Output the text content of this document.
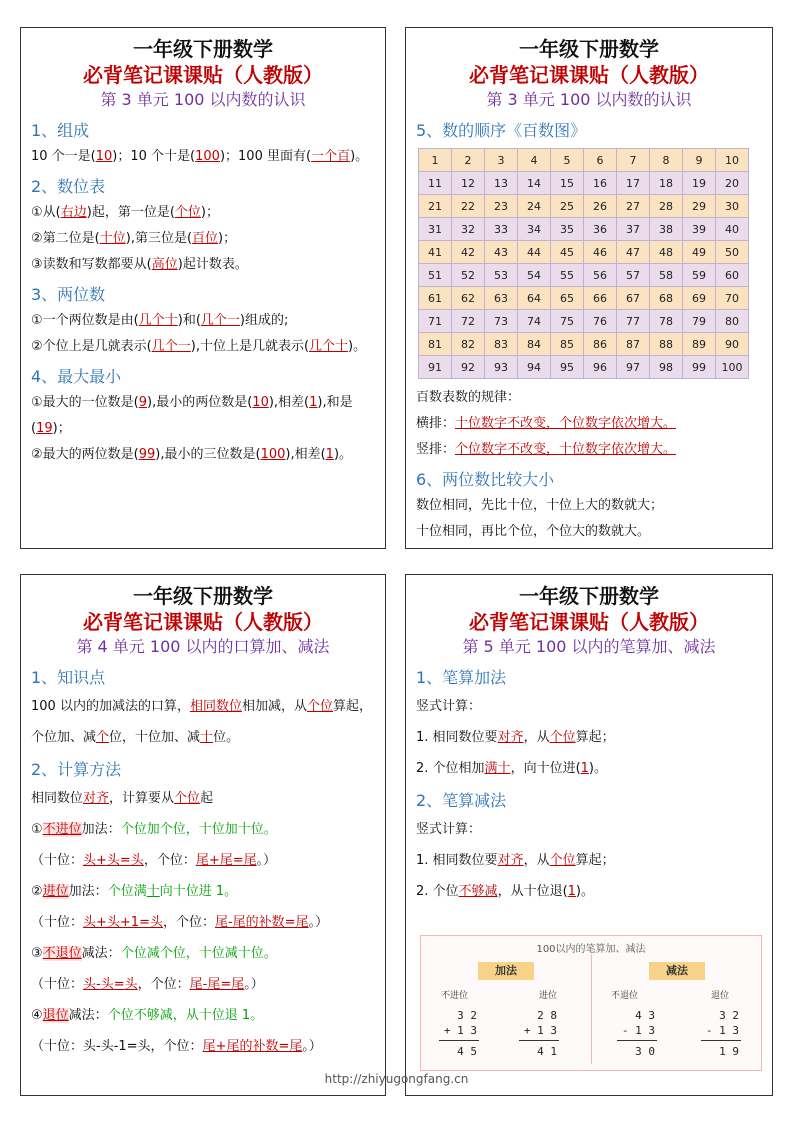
一年级下册数学
必背笔记课课贴（人教版）
第 3 单元 100 以内数的认识
1、组成
10 个一是(10)；10 个十是(100)；100 里面有(一个百)。
2、数位表
①从(右边)起，第一位是(个位)；
②第二位是(十位),第三位是(百位)；
③读数和写数都要从(高位)起计数表。
3、两位数
①一个两位数是由(几个十)和(几个一)组成的;
②个位上是几就表示(几个一),十位上是几就表示(几个十)。
4、最大最小
①最大的一位数是(9),最小的两位数是(10),相差(1),和是(19)；
②最大的两位数是(99),最小的三位数是(100),相差(1)。
一年级下册数学
必背笔记课课贴（人教版）
第 3 单元 100 以内数的认识
5、数的顺序《百数图》
1	2	3	4	5	6	7	8	9	10
11	12	13	14	15	16	17	18	19	20
21	22	23	24	25	26	27	28	29	30
31	32	33	34	35	36	37	38	39	40
41	42	43	44	45	46	47	48	49	50
51	52	53	54	55	56	57	58	59	60
61	62	63	64	65	66	67	68	69	70
71	72	73	74	75	76	77	78	79	80
81	82	83	84	85	86	87	88	89	90
91	92	93	94	95	96	97	98	99	100
百数表数的规律：
横排：十位数字不改变，个位数字依次增大。
竖排：个位数字不改变，十位数字依次增大。
6、两位数比较大小
数位相同，先比十位，十位上大的数就大；
十位相同，再比个位，个位大的数就大。
一年级下册数学
必背笔记课课贴（人教版）
第 4 单元 100 以内的口算加、减法
1、知识点
100 以内的加减法的口算，相同数位相加减，从个位算起，个位加、减个位，十位加、减十位。
2、计算方法
相同数位对齐，计算要从个位起
①不进位加法：个位加个位，十位加十位。
（十位：头+头=头，个位：尾+尾=尾。）
②进位加法：个位满十向十位进 1。
（十位：头+头+1=头，个位：尾-尾的补数=尾。）
③不退位减法：个位减个位，十位减十位。
（十位：头-头=头，个位：尾-尾=尾。）
④退位减法：个位不够减，从十位退 1。
（十位：头-头-1=头，个位：尾+尾的补数=尾。）
一年级下册数学
必背笔记课课贴（人教版）
第 5 单元 100 以内的笔算加、减法
1、笔算加法
竖式计算：
1. 相同数位要对齐，从个位算起；
2. 个位相加满十，向十位进(1)。
2、笔算减法
竖式计算：
1. 相同数位要对齐，从个位算起；
2. 个位不够减，从十位退(1)。
100以内的笔算加、减法
加法	减法
不进位	进位	不退位	退位
3 2
+ 1 3
4 5
2 8
+ 1 3
4 1
4 3
- 1 3
3 0
3 2
- 1 3
1 9
http://zhiyugongfang.cn
